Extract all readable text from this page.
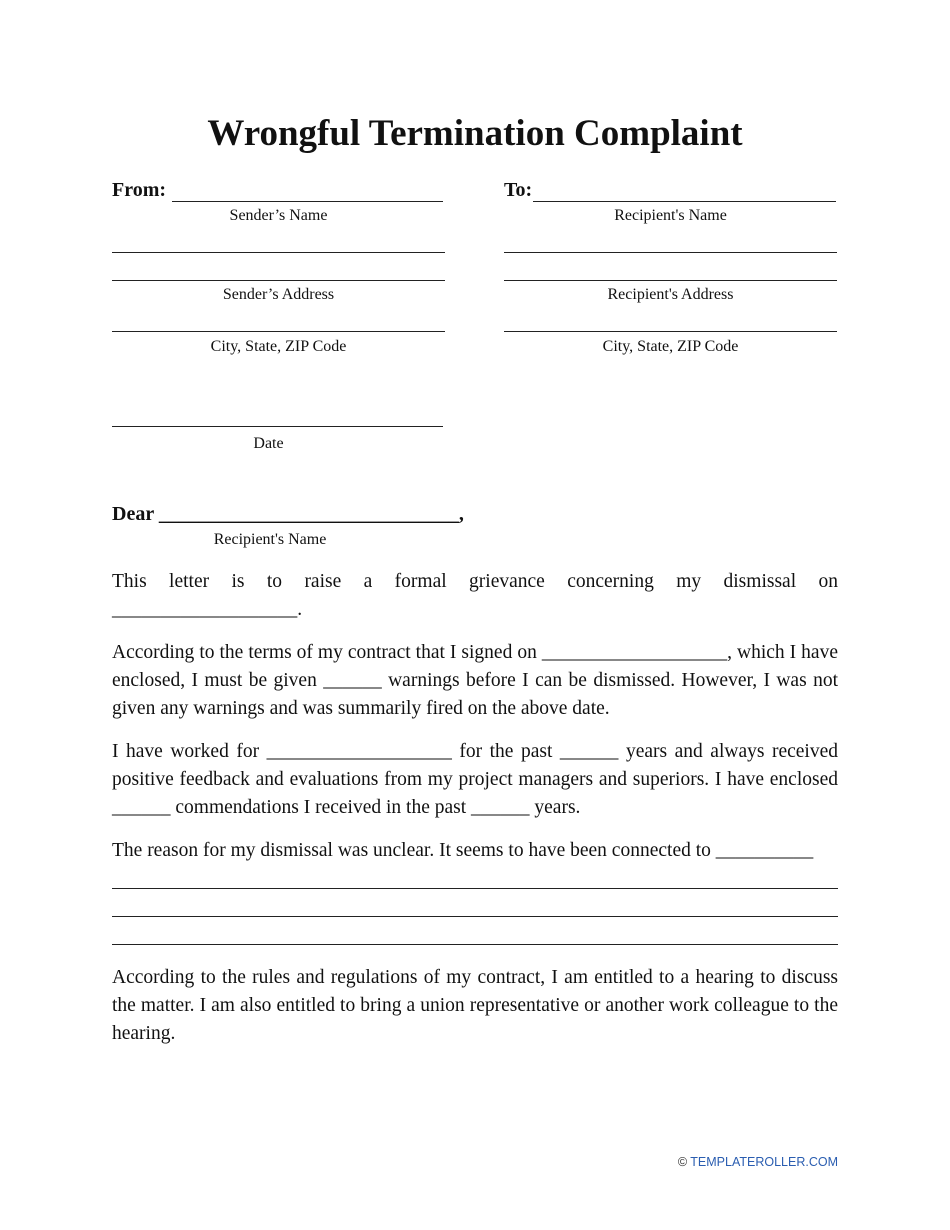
Wrongful Termination Complaint
From:
Sender’s Name
Sender’s Address
City, State, ZIP Code
To:
Recipient's Name
Recipient's Address
City, State, ZIP Code
Date
Dear ______________________________,
Recipient's Name

This letter is to raise a formal grievance concerning my dismissal on ___________________.

According to the terms of my contract that I signed on ___________________, which I have enclosed, I must be given ______ warnings before I can be dismissed. However, I was not given any warnings and was summarily fired on the above date.

I have worked for ___________________ for the past ______ years and always received positive feedback and evaluations from my project managers and superiors. I have enclosed ______ commendations I received in the past ______ years.

The reason for my dismissal was unclear. It seems to have been connected to __________

According to the rules and regulations of my contract, I am entitled to a hearing to discuss the matter. I am also entitled to bring a union representative or another work colleague to the hearing.

© TEMPLATEROLLER.COM
